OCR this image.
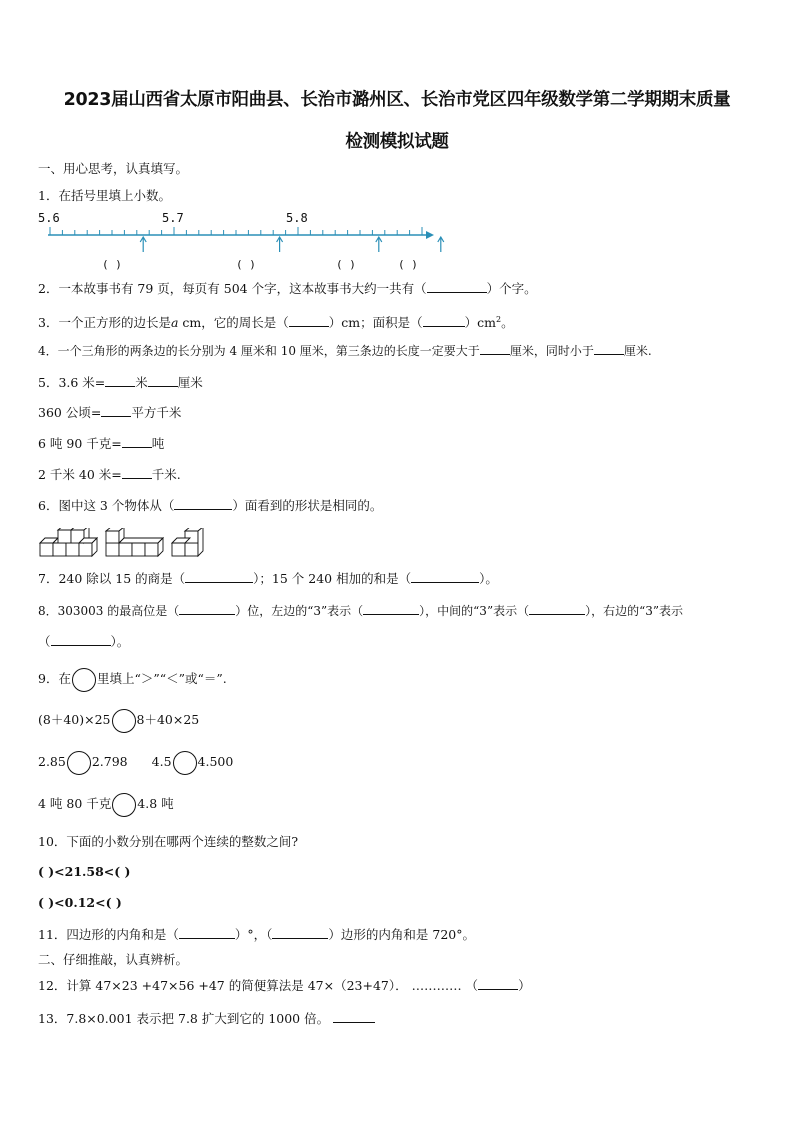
2023届山西省太原市阳曲县、长治市潞州区、长治市党区四年级数学第二学期期末质量
检测模拟试题
一、用心思考，认真填写。
1．在括号里填上小数。
5.6	5.7	5.8
( )	( )	( )	( )
2．一本故事书有 79 页，每页有 504 个字，这本故事书大约一共有（	）个字。
3．一个正方形的边长是a cm，它的周长是（	）cm；面积是（	）$cm^2$。
4．一个三角形的两条边的长分别为 4 厘米和 10 厘米，第三条边的长度一定要大于	厘米，同时小于	厘米.
5．3.6 米= 米 厘米
360 公顷= 平方千米
6 吨 90 千克= 吨
2 千米 40 米= 千米.
6．图中这 3 个物体从（	）面看到的形状是相同的。
7．240 除以 15 的商是（	）；15 个 240 相加的和是（	）。
8．303003 的最高位是（	）位，左边的“3”表示（	），中间的“3”表示（	），右边的“3”表示
（	）。
9．在 里填上“＞”“＜”或“＝”.
(8＋40)×25 8＋40×25
2.85 2.798 4.5 4.500
4 吨 80 千克 4.8 吨
10．下面的小数分别在哪两个连续的整数之间?
( )<21.58<( )
( )<0.12<( )
11．四边形的内角和是（	）°，（	）边形的内角和是 720°。
二、仔细推敲，认真辨析。
12．计算 47×23 +47×56 +47 的简便算法是 47×（23+47）． ………… （	）
13．7.8×0.001 表示把 7.8 扩大到它的 1000 倍。
